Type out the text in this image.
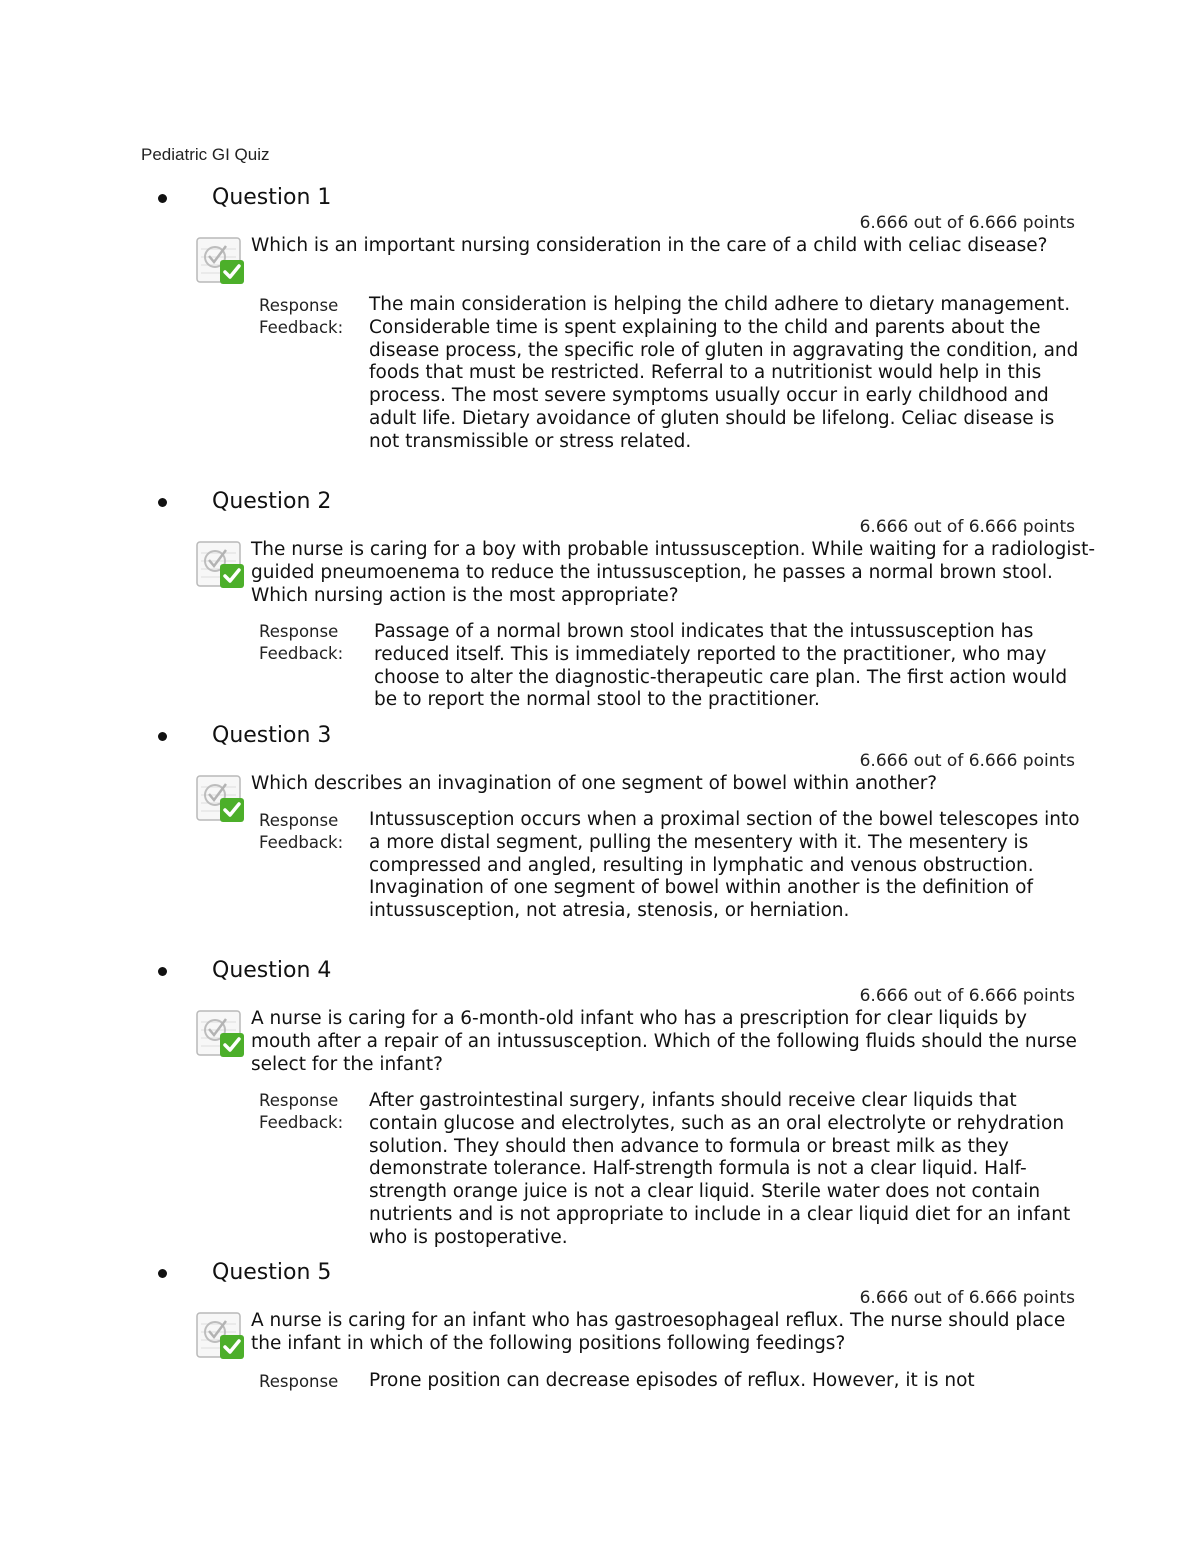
Pediatric GI Quiz
Question 1
6.666 out of 6.666 points
Which is an important nursing consideration in the care of a child with celiac disease?
Response Feedback:
The main consideration is helping the child adhere to dietary management. Considerable time is spent explaining to the child and parents about the disease process, the specific role of gluten in aggravating the condition, and foods that must be restricted. Referral to a nutritionist would help in this process. The most severe symptoms usually occur in early childhood and adult life. Dietary avoidance of gluten should be lifelong. Celiac disease is not transmissible or stress related.
Question 2
6.666 out of 6.666 points
The nurse is caring for a boy with probable intussusception. While waiting for a radiologist-guided pneumoenema to reduce the intussusception, he passes a normal brown stool. Which nursing action is the most appropriate?
Response Feedback:
Passage of a normal brown stool indicates that the intussusception has reduced itself. This is immediately reported to the practitioner, who may choose to alter the diagnostic-therapeutic care plan. The first action would be to report the normal stool to the practitioner.
Question 3
6.666 out of 6.666 points
Which describes an invagination of one segment of bowel within another?
Response Feedback:
Intussusception occurs when a proximal section of the bowel telescopes into a more distal segment, pulling the mesentery with it. The mesentery is compressed and angled, resulting in lymphatic and venous obstruction. Invagination of one segment of bowel within another is the definition of intussusception, not atresia, stenosis, or herniation.
Question 4
6.666 out of 6.666 points
A nurse is caring for a 6-month-old infant who has a prescription for clear liquids by mouth after a repair of an intussusception. Which of the following fluids should the nurse select for the infant?
Response Feedback:
After gastrointestinal surgery, infants should receive clear liquids that contain glucose and electrolytes, such as an oral electrolyte or rehydration solution. They should then advance to formula or breast milk as they demonstrate tolerance. Half-strength formula is not a clear liquid. Half-strength orange juice is not a clear liquid. Sterile water does not contain nutrients and is not appropriate to include in a clear liquid diet for an infant who is postoperative.
Question 5
6.666 out of 6.666 points
A nurse is caring for an infant who has gastroesophageal reflux. The nurse should place the infant in which of the following positions following feedings?
Response Prone position can decrease episodes of reflux. However, it is not
